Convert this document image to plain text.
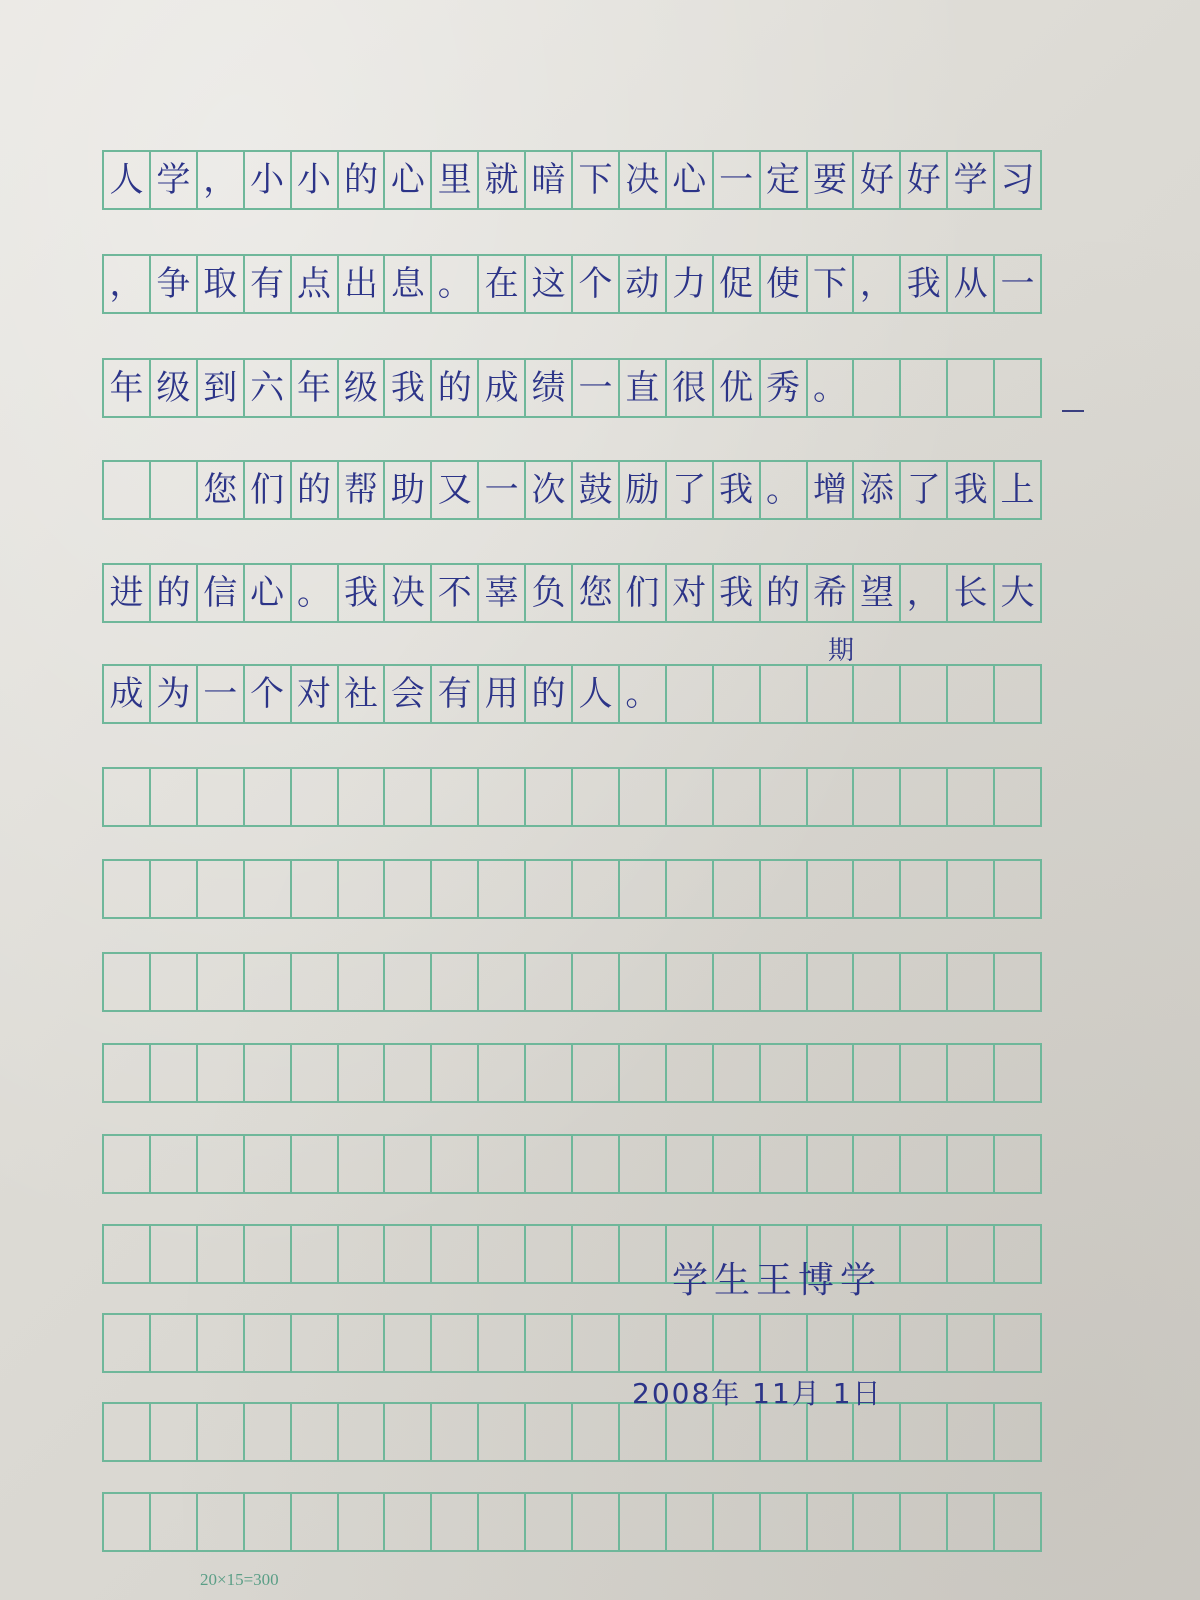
人 学 ， 小 小 的 心 里 就 暗 下 决 心 一 定 要 好 好 学 习
， 争 取 有 点 出 息 。 在 这 个 动 力 促 使 下 ， 我 从 一
年 级 到 六 年 级 我 的 成 绩 一 直 很 优 秀 。
您 们 的 帮 助 又 一 次 鼓 励 了 我 。 增 添 了 我 上
进 的 信 心 。 我 决 不 辜 负 您 们 对 我 的 希 望 ， 长 大
成 为 一 个 对 社 会 有 用 的 人 。
期
学生王博学
2008年 11月 1日
20×15=300
